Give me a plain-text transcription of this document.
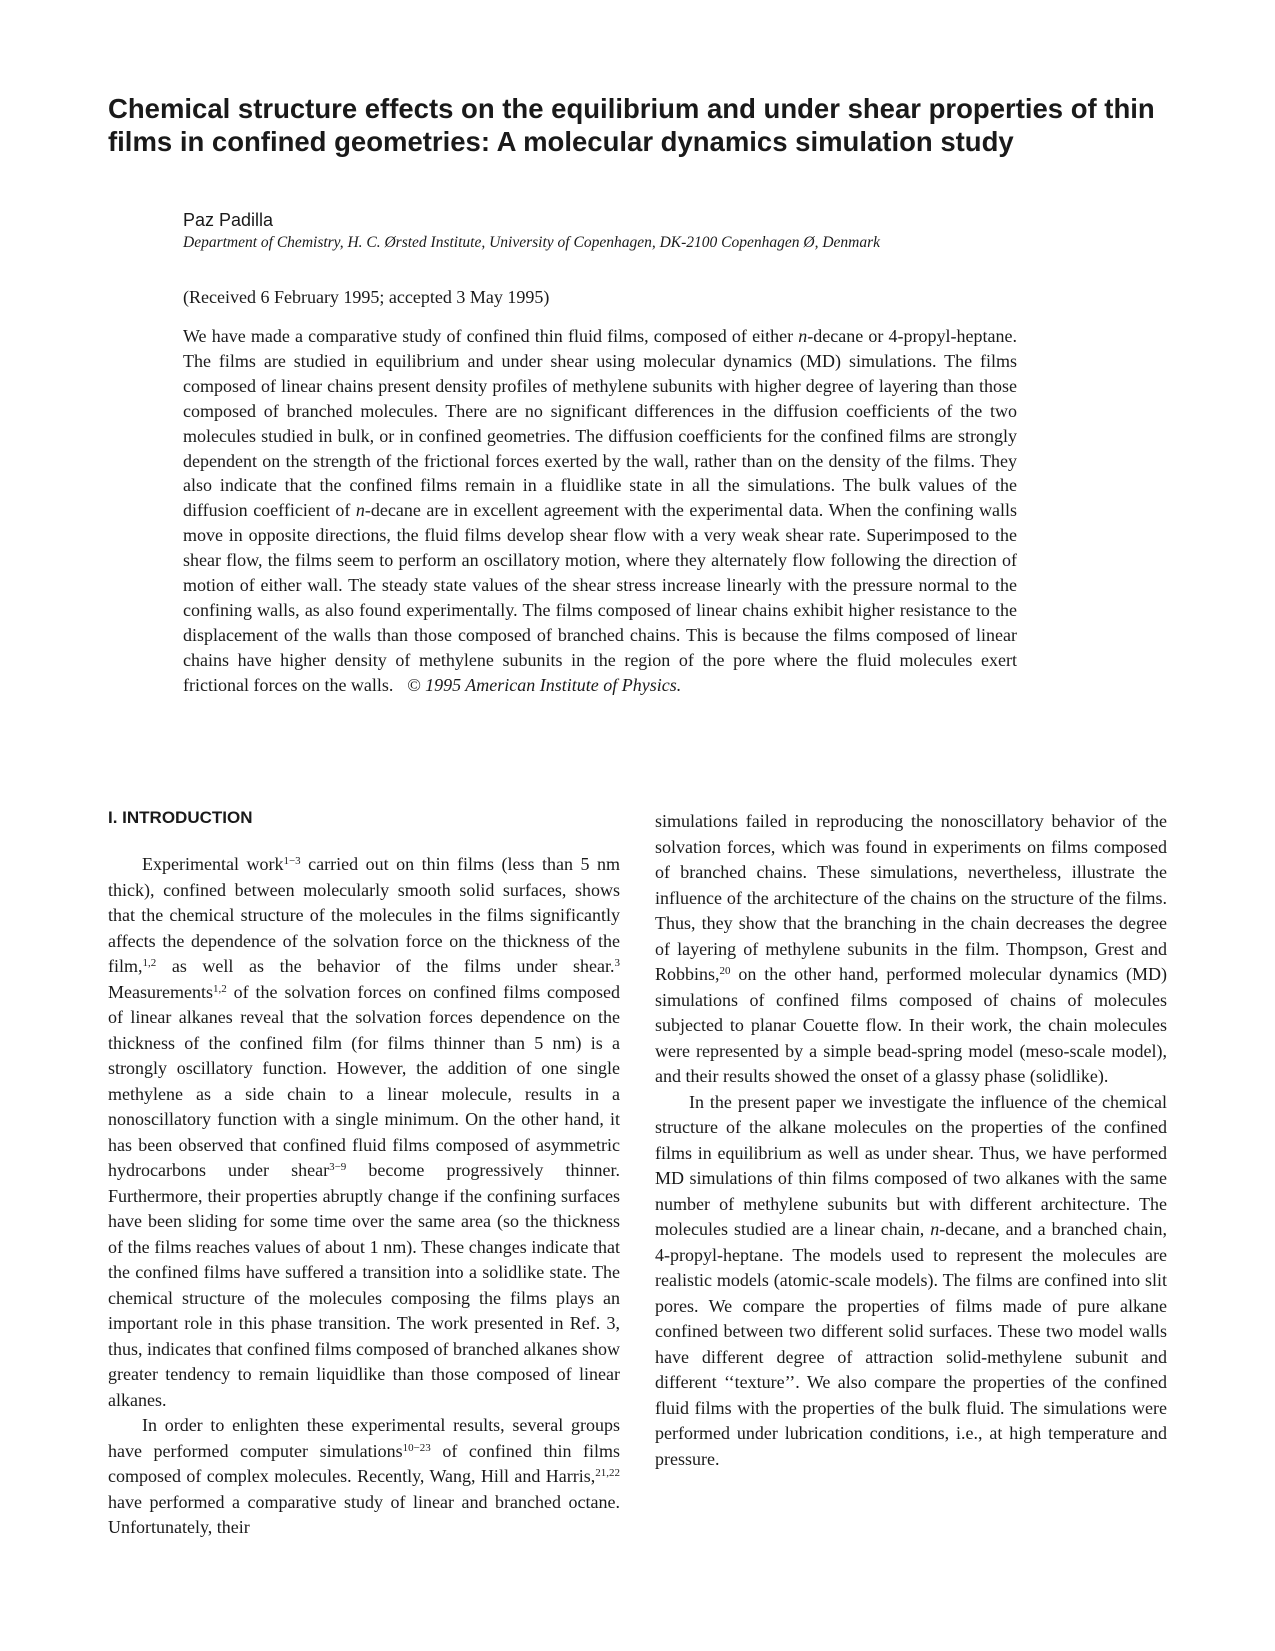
Chemical structure effects on the equilibrium and under shear properties of thin films in confined geometries: A molecular dynamics simulation study

Paz Padilla

Department of Chemistry, H. C. Ørsted Institute, University of Copenhagen, DK-2100 Copenhagen Ø, Denmark

(Received 6 February 1995; accepted 3 May 1995)

We have made a comparative study of confined thin fluid films, composed of either n-decane or 4-propyl-heptane. The films are studied in equilibrium and under shear using molecular dynamics (MD) simulations. The films composed of linear chains present density profiles of methylene subunits with higher degree of layering than those composed of branched molecules. There are no significant differences in the diffusion coefficients of the two molecules studied in bulk, or in confined geometries. The diffusion coefficients for the confined films are strongly dependent on the strength of the frictional forces exerted by the wall, rather than on the density of the films. They also indicate that the confined films remain in a fluidlike state in all the simulations. The bulk values of the diffusion coefficient of n-decane are in excellent agreement with the experimental data. When the confining walls move in opposite directions, the fluid films develop shear flow with a very weak shear rate. Superimposed to the shear flow, the films seem to perform an oscillatory motion, where they alternately flow following the direction of motion of either wall. The steady state values of the shear stress increase linearly with the pressure normal to the confining walls, as also found experimentally. The films composed of linear chains exhibit higher resistance to the displacement of the walls than those composed of branched chains. This is because the films composed of linear chains have higher density of methylene subunits in the region of the pore where the fluid molecules exert frictional forces on the walls. © 1995 American Institute of Physics.

I. INTRODUCTION

Experimental work$^{1-3}$ carried out on thin films (less than 5 nm thick), confined between molecularly smooth solid surfaces, shows that the chemical structure of the molecules in the films significantly affects the dependence of the solvation force on the thickness of the film,$^{1,2}$ as well as the behavior of the films under shear.$^3$ Measurements$^{1,2}$ of the solvation forces on confined films composed of linear alkanes reveal that the solvation forces dependence on the thickness of the confined film (for films thinner than 5 nm) is a strongly oscillatory function. However, the addition of one single methylene as a side chain to a linear molecule, results in a nonoscillatory function with a single minimum. On the other hand, it has been observed that confined fluid films composed of asymmetric hydrocarbons under shear$^{3-9}$ become progressively thinner. Furthermore, their properties abruptly change if the confining surfaces have been sliding for some time over the same area (so the thickness of the films reaches values of about 1 nm). These changes indicate that the confined films have suffered a transition into a solidlike state. The chemical structure of the molecules composing the films plays an important role in this phase transition. The work presented in Ref. 3, thus, indicates that confined films composed of branched alkanes show greater tendency to remain liquidlike than those composed of linear alkanes.

In order to enlighten these experimental results, several groups have performed computer simulations$^{10-23}$ of confined thin films composed of complex molecules. Recently, Wang, Hill and Harris,$^{21,22}$ have performed a comparative study of linear and branched octane. Unfortunately, their

simulations failed in reproducing the nonoscillatory behavior of the solvation forces, which was found in experiments on films composed of branched chains. These simulations, nevertheless, illustrate the influence of the architecture of the chains on the structure of the films. Thus, they show that the branching in the chain decreases the degree of layering of methylene subunits in the film. Thompson, Grest and Robbins,$^{20}$ on the other hand, performed molecular dynamics (MD) simulations of confined films composed of chains of molecules subjected to planar Couette flow. In their work, the chain molecules were represented by a simple bead-spring model (meso-scale model), and their results showed the onset of a glassy phase (solidlike).

In the present paper we investigate the influence of the chemical structure of the alkane molecules on the properties of the confined films in equilibrium as well as under shear. Thus, we have performed MD simulations of thin films composed of two alkanes with the same number of methylene subunits but with different architecture. The molecules studied are a linear chain, n-decane, and a branched chain, 4-propyl-heptane. The models used to represent the molecules are realistic models (atomic-scale models). The films are confined into slit pores. We compare the properties of films made of pure alkane confined between two different solid surfaces. These two model walls have different degree of attraction solid-methylene subunit and different ‘‘texture’’. We also compare the properties of the confined fluid films with the properties of the bulk fluid. The simulations were performed under lubrication conditions, i.e., at high temperature and pressure.
